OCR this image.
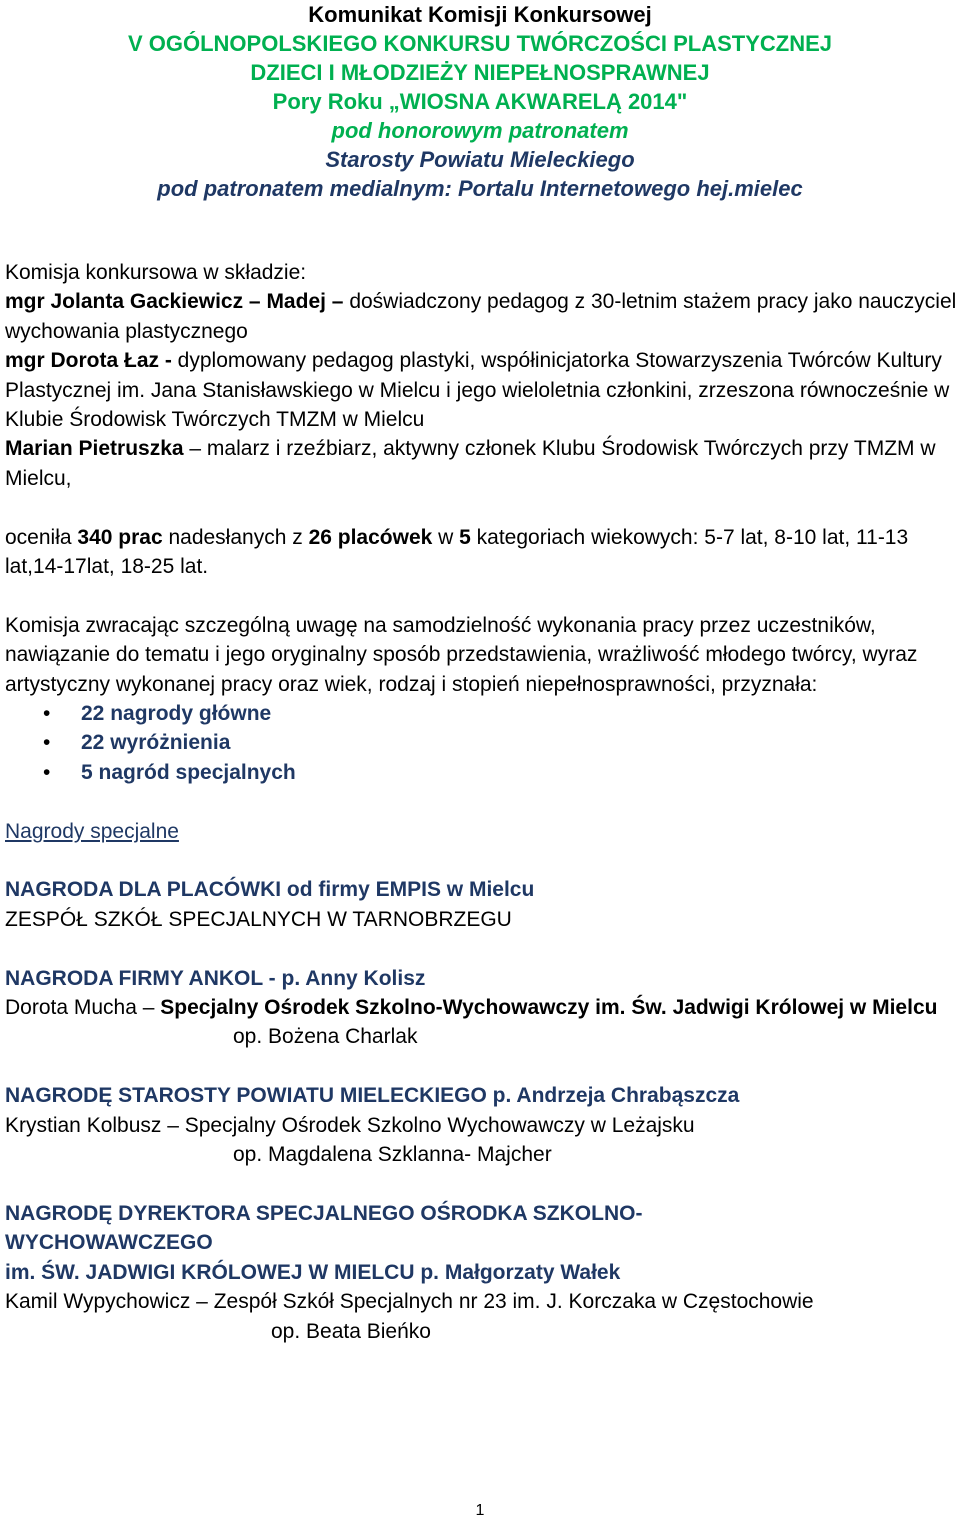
Komunikat Komisji Konkursowej
V OGÓLNOPOLSKIEGO KONKURSU TWÓRCZOŚCI PLASTYCZNEJ
DZIECI I MŁODZIEŻY NIEPEŁNOSPRAWNEJ
Pory Roku „WIOSNA AKWARELĄ 2014"
pod honorowym patronatem
Starosty Powiatu Mieleckiego
pod patronatem medialnym: Portalu Internetowego hej.mielec

Komisja konkursowa w składzie:

mgr Jolanta Gackiewicz – Madej – doświadczony pedagog z 30-letnim stażem pracy jako nauczyciel wychowania plastycznego

mgr Dorota Łaz - dyplomowany pedagog plastyki, współinicjatorka Stowarzyszenia Twórców Kultury Plastycznej im. Jana Stanisławskiego w Mielcu i jego wieloletnia członkini, zrzeszona równocześnie w Klubie Środowisk Twórczych TMZM w Mielcu

Marian Pietruszka – malarz i rzeźbiarz, aktywny członek Klubu Środowisk Twórczych przy TMZM w Mielcu,

oceniła 340 prac nadesłanych z 26 placówek w 5 kategoriach wiekowych: 5-7 lat, 8-10 lat, 11-13 lat,14-17lat, 18-25 lat.

Komisja zwracając szczególną uwagę na samodzielność wykonania pracy przez uczestników, nawiązanie do tematu i jego oryginalny sposób przedstawienia, wrażliwość młodego twórcy, wyraz artystyczny wykonanej pracy oraz wiek, rodzaj i stopień niepełnosprawności, przyznała:

• 22 nagrody główne
• 22 wyróżnienia
• 5 nagród specjalnych

Nagrody specjalne

NAGRODA DLA PLACÓWKI od firmy EMPIS w Mielcu

ZESPÓŁ SZKÓŁ SPECJALNYCH W TARNOBRZEGU

NAGRODA FIRMY ANKOL - p. Anny Kolisz

Dorota Mucha – Specjalny Ośrodek Szkolno-Wychowawczy im. Św. Jadwigi Królowej w Mielcu

op. Bożena Charlak

NAGRODĘ STAROSTY POWIATU MIELECKIEGO p. Andrzeja Chrabąszcza

Krystian Kolbusz – Specjalny Ośrodek Szkolno Wychowawczy w Leżajsku

op. Magdalena Szklanna- Majcher

NAGRODĘ DYREKTORA SPECJALNEGO OŚRODKA SZKOLNO-WYCHOWAWCZEGO

im. ŚW. JADWIGI KRÓLOWEJ W MIELCU p. Małgorzaty Wałek

Kamil Wypychowicz – Zespół Szkół Specjalnych nr 23 im. J. Korczaka w Częstochowie

op. Beata Bieńko

1
